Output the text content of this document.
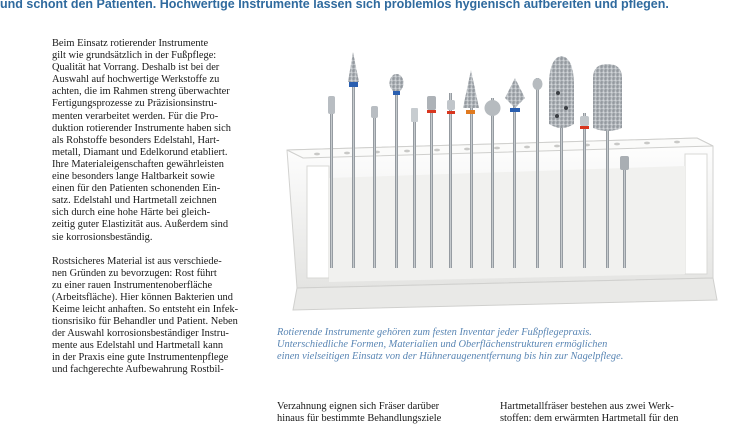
und schont den Patienten. Hochwertige Instrumente lassen sich problemlos hygienisch aufbereiten und pflegen.

Beim Einsatz rotierender Instrumente
gilt wie grundsätzlich in der Fußpflege:
Qualität hat Vorrang. Deshalb ist bei der
Auswahl auf hochwertige Werkstoffe zu
achten, die im Rahmen streng überwachter
Fertigungsprozesse zu Präzisionsinstru-
menten verarbeitet werden. Für die Pro-
duktion rotierender Instrumente haben sich
als Rohstoffe besonders Edelstahl, Hart-
metall, Diamant und Edelkorund etabliert.
Ihre Materialeigenschaften gewährleisten
eine besonders lange Haltbarkeit sowie
einen für den Patienten schonenden Ein-
satz. Edelstahl und Hartmetall zeichnen
sich durch eine hohe Härte bei gleich-
zeitig guter Elastizität aus. Außerdem sind
sie korrosionsbeständig.

Rostsicheres Material ist aus verschiede-
nen Gründen zu bevorzugen: Rost führt
zu einer rauen Instrumentenoberfläche
(Arbeitsfläche). Hier können Bakterien und
Keime leicht anhaften. So entsteht ein Infek-
tionsrisiko für Behandler und Patient. Neben
der Auswahl korrosionsbeständiger Instru-
mente aus Edelstahl und Hartmetall kann
in der Praxis eine gute Instrumentenpflege
und fachgerechte Aufbewahrung Rostbil-

Rotierende Instrumente gehören zum festen Inventar jeder Fußpflegepraxis.
Unterschiedliche Formen, Materialien und Oberflächenstrukturen ermöglichen
einen vielseitigen Einsatz von der Hühneraugenentfernung bis hin zur Nagelpflege.
Verzahnung eignen sich Fräser darüber
hinaus für bestimmte Behandlungsziele
Hartmetallfräser bestehen aus zwei Werk-
stoffen: dem erwärmten Hartmetall für den
